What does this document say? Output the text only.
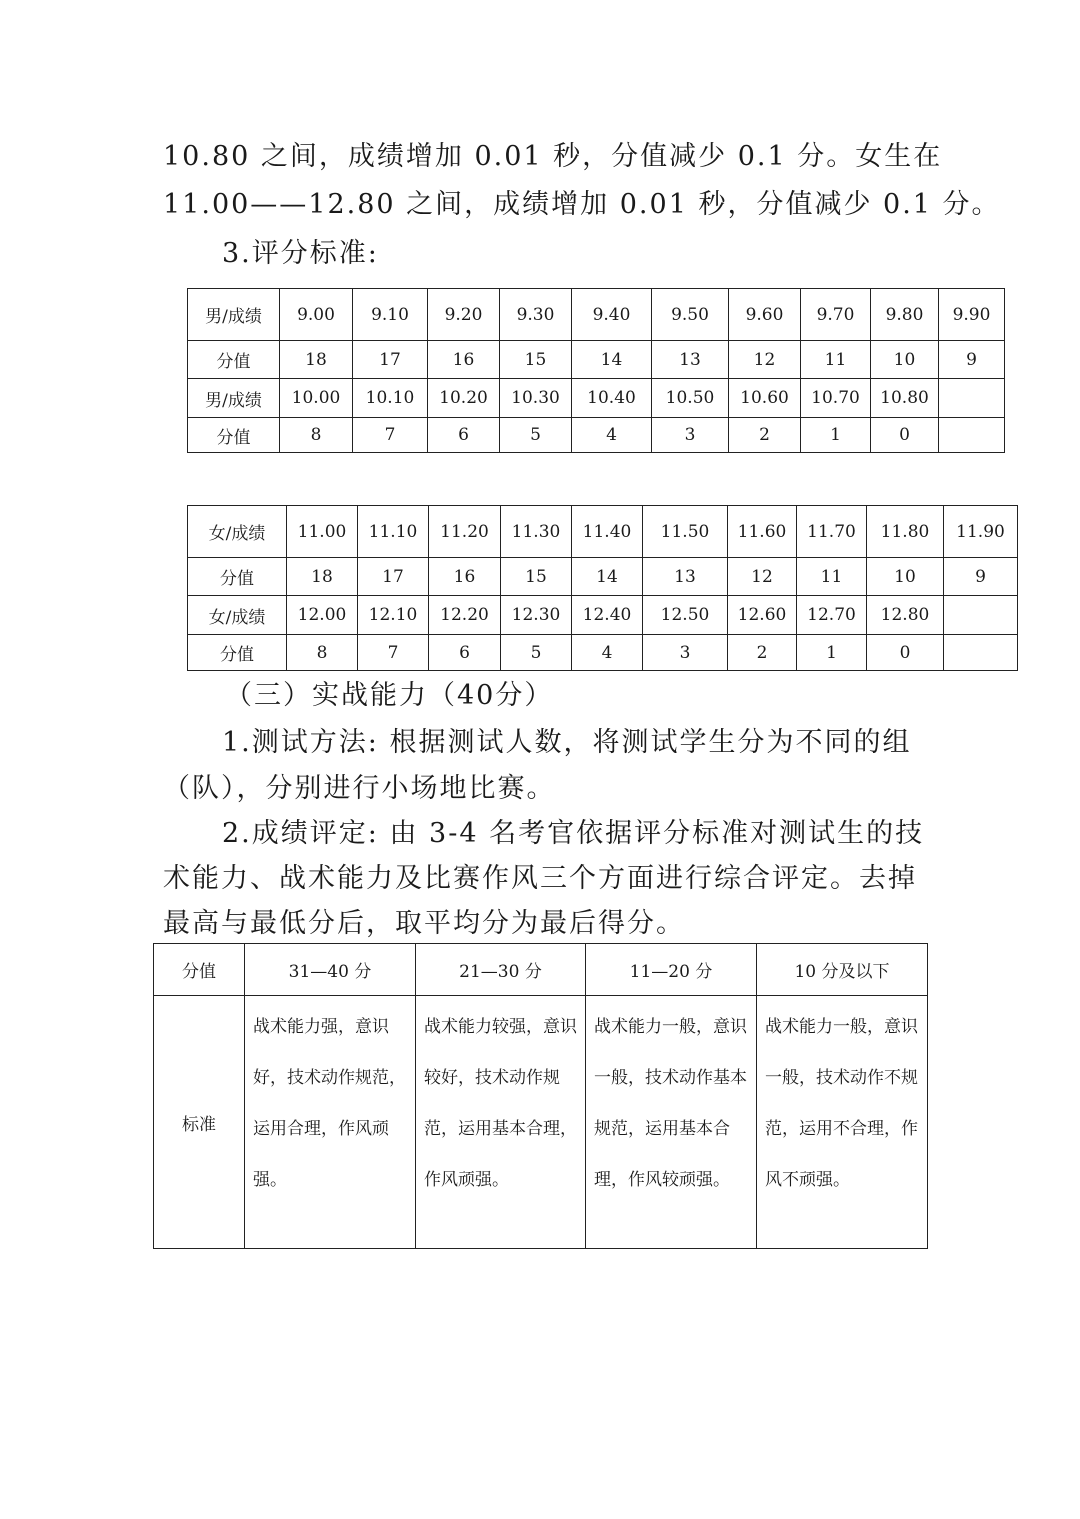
10.80 之间，成绩增加 0.01 秒，分值减少 0.1 分。女生在
11.00——12.80 之间，成绩增加 0.01 秒，分值减少 0.1 分。
3.评分标准:
男/成绩	9.00	9.10	9.20	9.30	9.40	9.50	9.60	9.70	9.80	9.90
分值	18	17	16	15	14	13	12	11	10	9
男/成绩	10.00	10.10	10.20	10.30	10.40	10.50	10.60	10.70	10.80	
分值	8	7	6	5	4	3	2	1	0	
女/成绩	11.00	11.10	11.20	11.30	11.40	11.50	11.60	11.70	11.80	11.90
分值	18	17	16	15	14	13	12	11	10	9
女/成绩	12.00	12.10	12.20	12.30	12.40	12.50	12.60	12.70	12.80	
分值	8	7	6	5	4	3	2	1	0	
（三）实战能力（40分）
1.测试方法: 根据测试人数，将测试学生分为不同的组
（队），分别进行小场地比赛。
2.成绩评定: 由 3-4 名考官依据评分标准对测试生的技
术能力、战术能力及比赛作风三个方面进行综合评定。去掉
最高与最低分后，取平均分为最后得分。
分值	31—40 分	21—30 分	11—20 分	10 分及以下
标准	战术能力强，意识好，技术动作规范，运用合理，作风顽强。	战术能力较强，意识较好，技术动作规范，运用基本合理，作风顽强。	战术能力一般，意识一般，技术动作基本规范，运用基本合理，作风较顽强。	战术能力一般，意识一般，技术动作不规范，运用不合理，作风不顽强。
